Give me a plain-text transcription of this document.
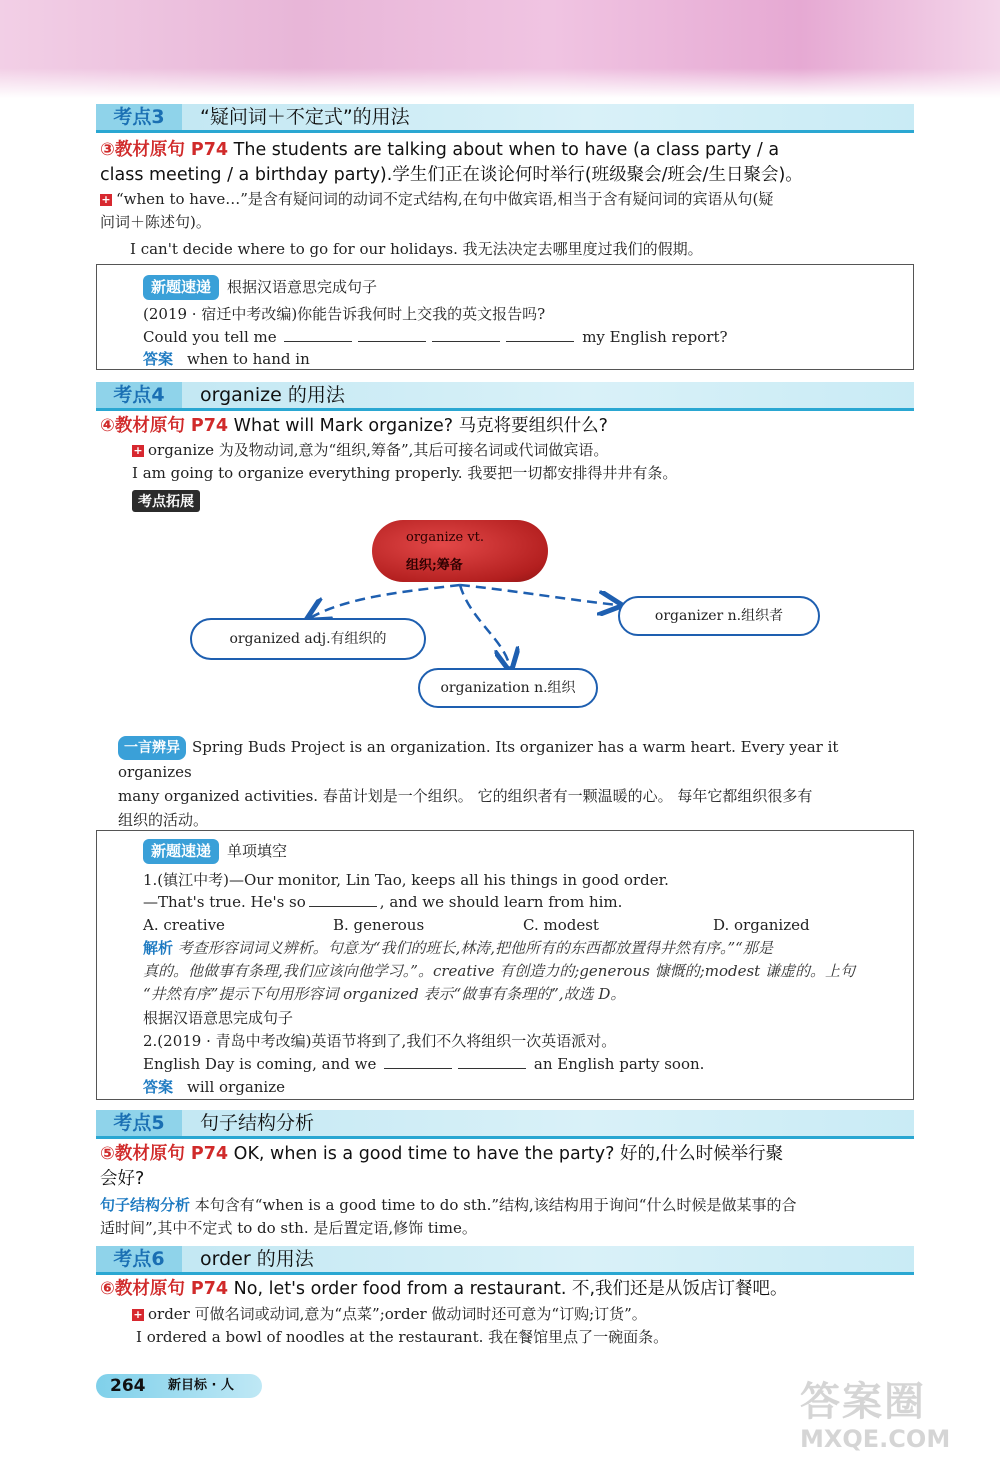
考点3	“疑问词＋不定式”的用法
③教材原句 P74 The students are talking about when to have (a class party / a
class meeting / a birthday party).学生们正在谈论何时举行(班级聚会/班会/生日聚会)。
+ “when to have…”是含有疑问词的动词不定式结构,在句中做宾语,相当于含有疑问词的宾语从句(疑
问词＋陈述句)。
I can't decide where to go for our holidays. 我无法决定去哪里度过我们的假期。
新题速递 根据汉语意思完成句子
(2019 · 宿迁中考改编)你能告诉我何时上交我的英文报告吗?
Could you tell me	my English report?
答案 when to hand in
考点4	organize 的用法
④教材原句 P74 What will Mark organize? 马克将要组织什么?
+ organize 为及物动词,意为“组织,筹备”,其后可接名词或代词做宾语。
I am going to organize everything properly. 我要把一切都安排得井井有条。
考点拓展
organize vt.
组织;筹备
organized adj.有组织的
organization n.组织
organizer n.组织者
一言辨异 Spring Buds Project is an organization. Its organizer has a warm heart. Every year it organizes
many organized activities. 春苗计划是一个组织。 它的组织者有一颗温暖的心。 每年它都组织很多有
组织的活动。
新题速递 单项填空
1.(镇江中考)—Our monitor, Lin Tao, keeps all his things in good order.
—That's true. He's so	, and we should learn from him.
A. creative	B. generous	C. modest	D. organized
解析 考查形容词词义辨析。句意为“我们的班长,林涛,把他所有的东西都放置得井然有序。”“那是
真的。他做事有条理,我们应该向他学习。”。creative 有创造力的;generous 慷慨的;modest 谦虚的。上句
“井然有序”提示下句用形容词 organized 表示“做事有条理的”,故选 D。
根据汉语意思完成句子
2.(2019 · 青岛中考改编)英语节将到了,我们不久将组织一次英语派对。
English Day is coming, and we	an English party soon.
答案 will organize
考点5	句子结构分析
⑤教材原句 P74 OK, when is a good time to have the party? 好的,什么时候举行聚
会好?
句子结构分析 本句含有“when is a good time to do sth.”结构,该结构用于询问“什么时候是做某事的合
适时间”,其中不定式 to do sth. 是后置定语,修饰 time。
考点6	order 的用法
⑥教材原句 P74 No, let's order food from a restaurant. 不,我们还是从饭店订餐吧。
+ order 可做名词或动词,意为“点菜”;order 做动词时还可意为“订购;订货”。
I ordered a bowl of noodles at the restaurant. 我在餐馆里点了一碗面条。
264 新目标 · 人	答案圈
MXQE.COM
